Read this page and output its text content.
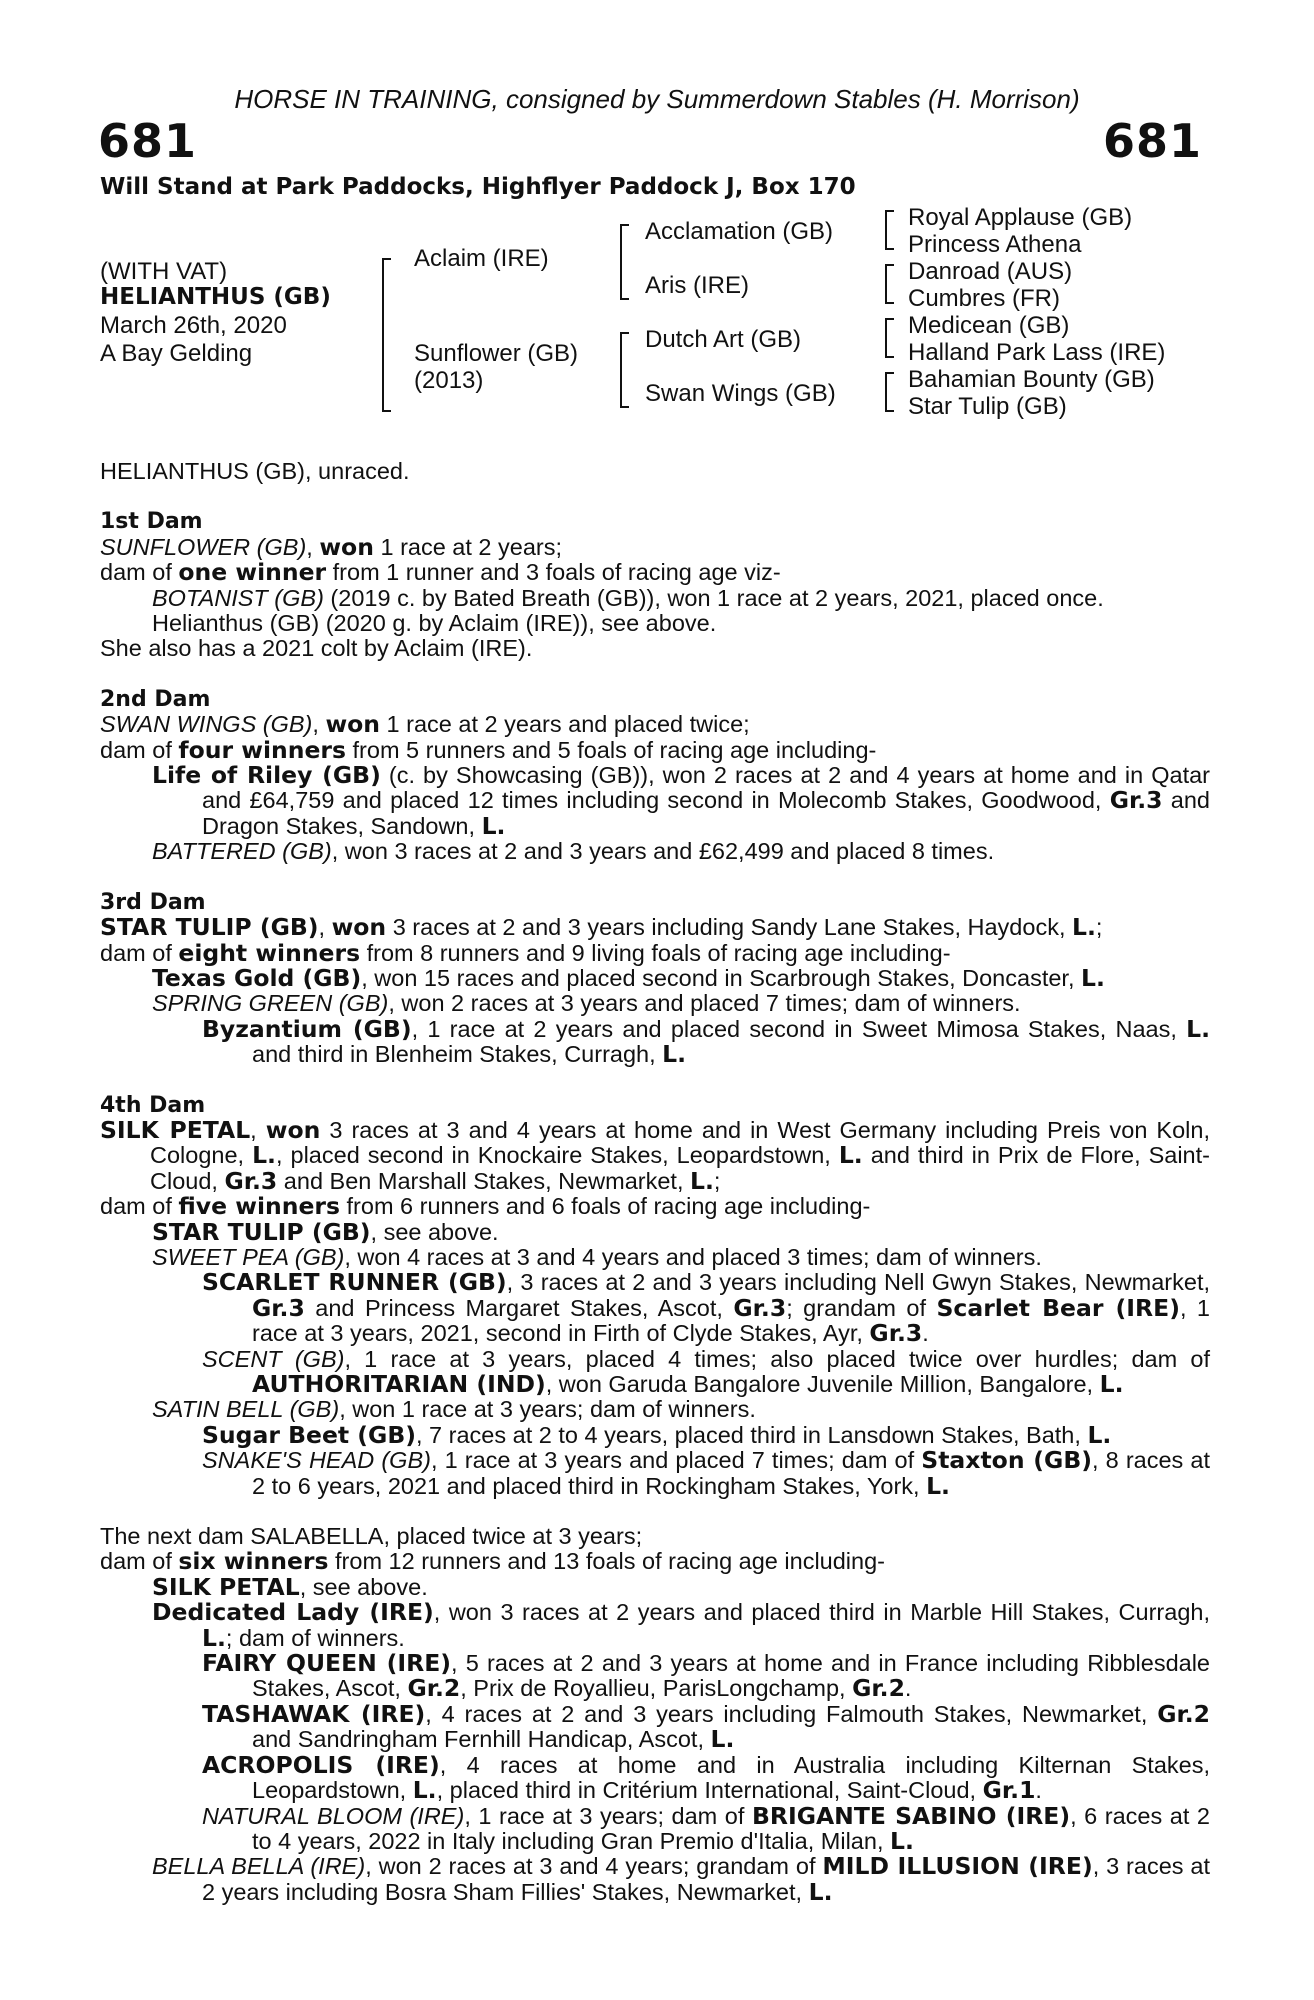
HORSE IN TRAINING, consigned by Summerdown Stables (H. Morrison)
681	681
Will Stand at Park Paddocks, Highflyer Paddock J, Box 170
(WITH VAT)
HELIANTHUS (GB)
March 26th, 2020
A Bay Gelding
Aclaim (IRE)
Sunflower (GB)
(2013)
Acclamation (GB)
Aris (IRE)
Dutch Art (GB)
Swan Wings (GB)
Royal Applause (GB)
Princess Athena
Danroad (AUS)
Cumbres (FR)
Medicean (GB)
Halland Park Lass (IRE)
Bahamian Bounty (GB)
Star Tulip (GB)

HELIANTHUS (GB), unraced.

1st Dam

SUNFLOWER (GB), won 1 race at 2 years;

dam of one winner from 1 runner and 3 foals of racing age viz-

BOTANIST (GB) (2019 c. by Bated Breath (GB)), won 1 race at 2 years, 2021, placed once.

Helianthus (GB) (2020 g. by Aclaim (IRE)), see above.

She also has a 2021 colt by Aclaim (IRE).

2nd Dam

SWAN WINGS (GB), won 1 race at 2 years and placed twice;

dam of four winners from 5 runners and 5 foals of racing age including-

Life of Riley (GB) (c. by Showcasing (GB)), won 2 races at 2 and 4 years at home and in Qatar and £64,759 and placed 12 times including second in Molecomb Stakes, Goodwood, Gr.3 and Dragon Stakes, Sandown, L.

BATTERED (GB), won 3 races at 2 and 3 years and £62,499 and placed 8 times.

3rd Dam

STAR TULIP (GB), won 3 races at 2 and 3 years including Sandy Lane Stakes, Haydock, L.;

dam of eight winners from 8 runners and 9 living foals of racing age including-

Texas Gold (GB), won 15 races and placed second in Scarbrough Stakes, Doncaster, L.

SPRING GREEN (GB), won 2 races at 3 years and placed 7 times; dam of winners.

Byzantium (GB), 1 race at 2 years and placed second in Sweet Mimosa Stakes, Naas, L. and third in Blenheim Stakes, Curragh, L.

4th Dam

SILK PETAL, won 3 races at 3 and 4 years at home and in West Germany including Preis von Koln, Cologne, L., placed second in Knockaire Stakes, Leopardstown, L. and third in Prix de Flore, Saint-Cloud, Gr.3 and Ben Marshall Stakes, Newmarket, L.;

dam of five winners from 6 runners and 6 foals of racing age including-

STAR TULIP (GB), see above.

SWEET PEA (GB), won 4 races at 3 and 4 years and placed 3 times; dam of winners.

SCARLET RUNNER (GB), 3 races at 2 and 3 years including Nell Gwyn Stakes, Newmarket, Gr.3 and Princess Margaret Stakes, Ascot, Gr.3; grandam of Scarlet Bear (IRE), 1 race at 3 years, 2021, second in Firth of Clyde Stakes, Ayr, Gr.3.

SCENT (GB), 1 race at 3 years, placed 4 times; also placed twice over hurdles; dam of AUTHORITARIAN (IND), won Garuda Bangalore Juvenile Million, Bangalore, L.

SATIN BELL (GB), won 1 race at 3 years; dam of winners.

Sugar Beet (GB), 7 races at 2 to 4 years, placed third in Lansdown Stakes, Bath, L.

SNAKE'S HEAD (GB), 1 race at 3 years and placed 7 times; dam of Staxton (GB), 8 races at 2 to 6 years, 2021 and placed third in Rockingham Stakes, York, L.

The next dam SALABELLA, placed twice at 3 years;

dam of six winners from 12 runners and 13 foals of racing age including-

SILK PETAL, see above.

Dedicated Lady (IRE), won 3 races at 2 years and placed third in Marble Hill Stakes, Curragh, L.; dam of winners.

FAIRY QUEEN (IRE), 5 races at 2 and 3 years at home and in France including Ribblesdale Stakes, Ascot, Gr.2, Prix de Royallieu, ParisLongchamp, Gr.2.

TASHAWAK (IRE), 4 races at 2 and 3 years including Falmouth Stakes, Newmarket, Gr.2 and Sandringham Fernhill Handicap, Ascot, L.

ACROPOLIS (IRE), 4 races at home and in Australia including Kilternan Stakes, Leopardstown, L., placed third in Critérium International, Saint-Cloud, Gr.1.

NATURAL BLOOM (IRE), 1 race at 3 years; dam of BRIGANTE SABINO (IRE), 6 races at 2 to 4 years, 2022 in Italy including Gran Premio d'Italia, Milan, L.

BELLA BELLA (IRE), won 2 races at 3 and 4 years; grandam of MILD ILLUSION (IRE), 3 races at 2 years including Bosra Sham Fillies' Stakes, Newmarket, L.
